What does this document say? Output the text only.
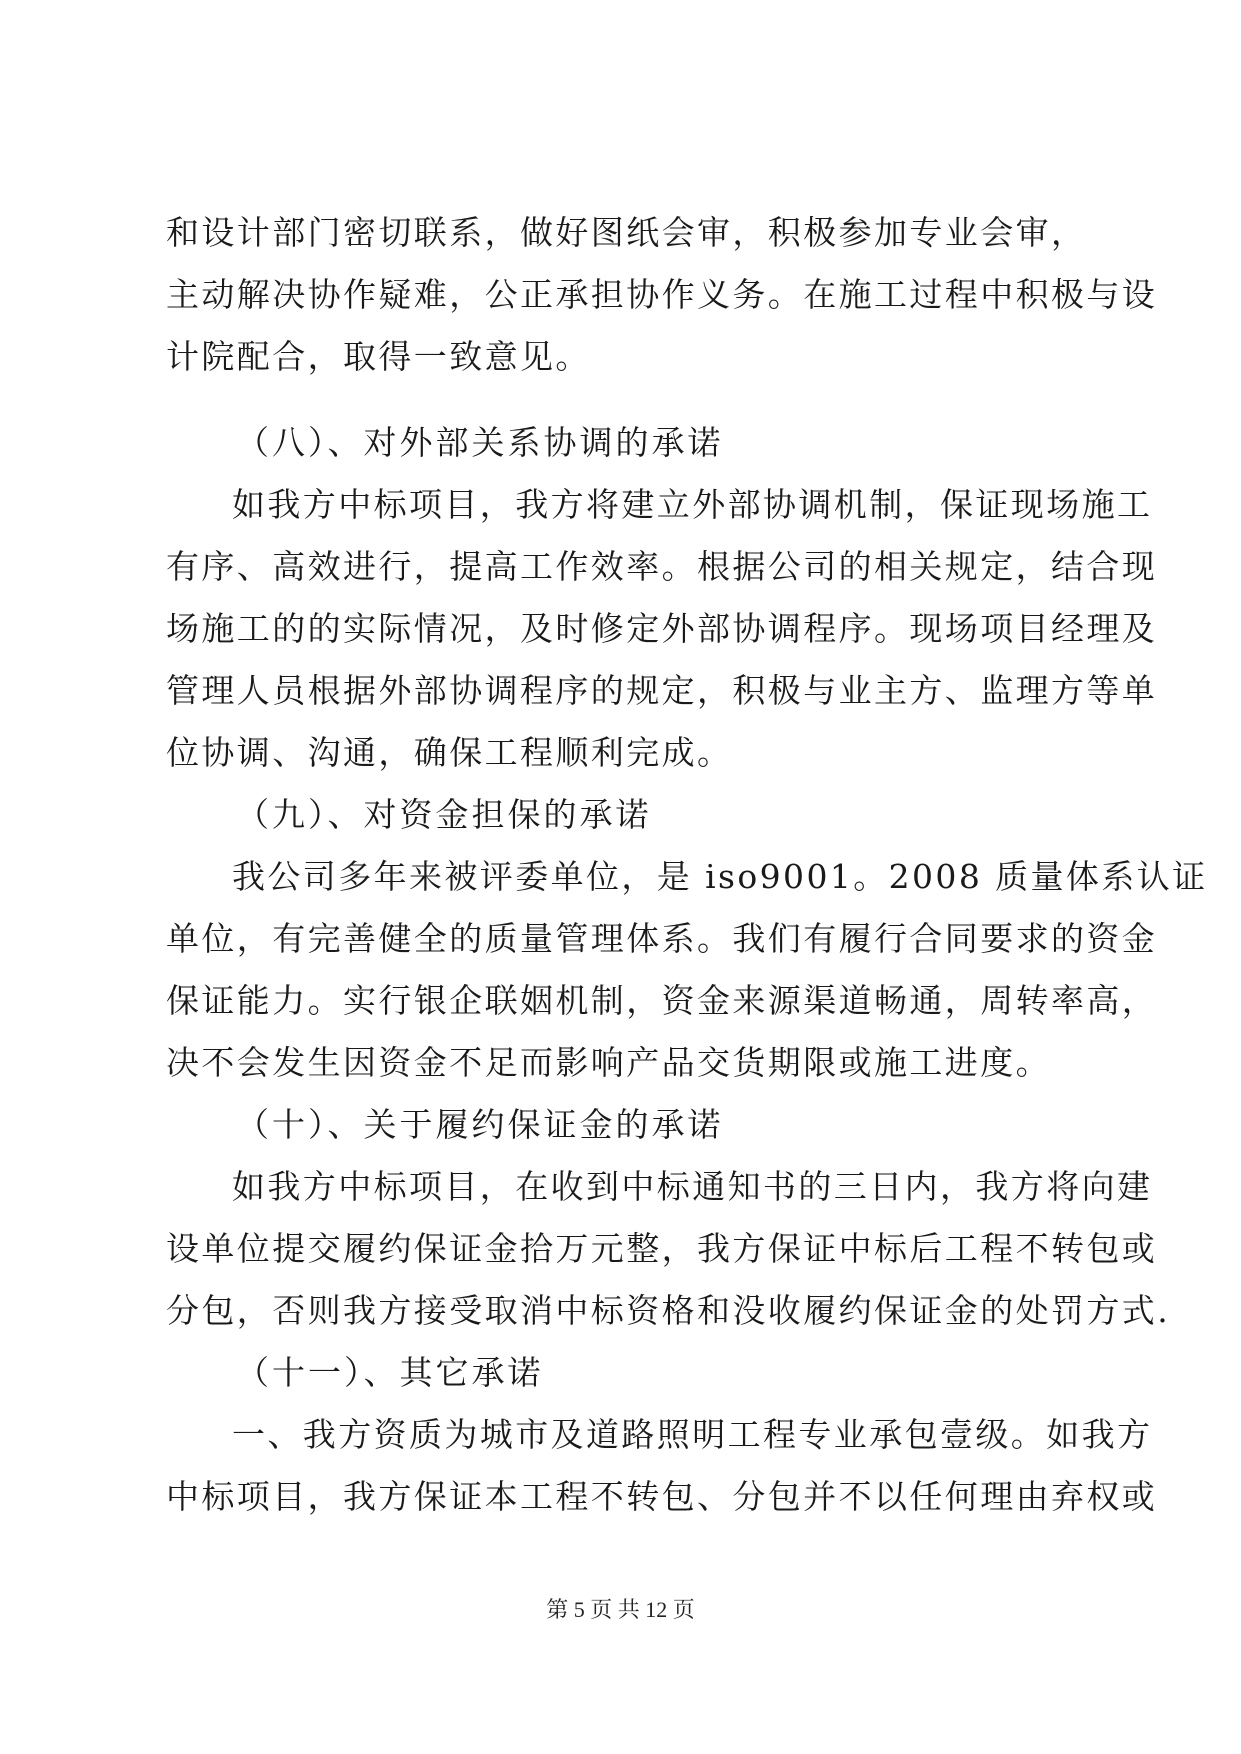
和设计部门密切联系，做好图纸会审，积极参加专业会审，
主动解决协作疑难，公正承担协作义务。在施工过程中积极与设
计院配合，取得一致意见。
（八）、对外部关系协调的承诺
如我方中标项目，我方将建立外部协调机制，保证现场施工
有序、高效进行，提高工作效率。根据公司的相关规定，结合现
场施工的的实际情况，及时修定外部协调程序。现场项目经理及
管理人员根据外部协调程序的规定，积极与业主方、监理方等单
位协调、沟通，确保工程顺利完成。
（九）、对资金担保的承诺
我公司多年来被评委单位，是 iso9001。2008 质量体系认证
单位，有完善健全的质量管理体系。我们有履行合同要求的资金
保证能力。实行银企联姻机制，资金来源渠道畅通，周转率高，
决不会发生因资金不足而影响产品交货期限或施工进度。
（十）、关于履约保证金的承诺
如我方中标项目，在收到中标通知书的三日内，我方将向建
设单位提交履约保证金拾万元整，我方保证中标后工程不转包或
分包，否则我方接受取消中标资格和没收履约保证金的处罚方式.
（十一）、其它承诺
一、我方资质为城市及道路照明工程专业承包壹级。如我方
中标项目，我方保证本工程不转包、分包并不以任何理由弃权或
第 5 页 共 12 页
